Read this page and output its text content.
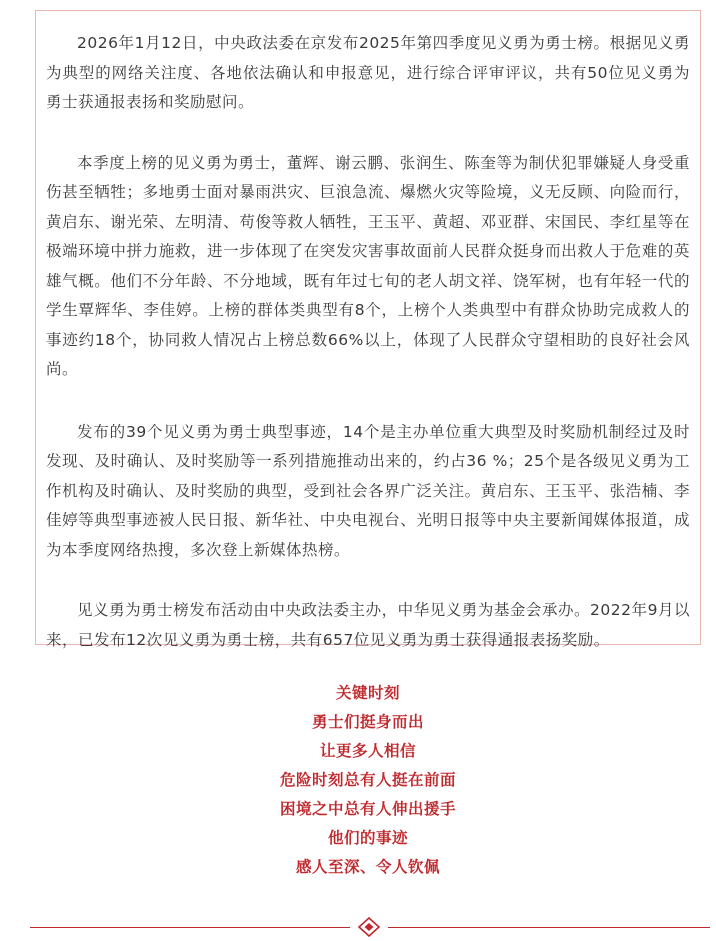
2026年1月12日，中央政法委在京发布2025年第四季度见义勇为勇士榜。根据见义勇为典型的网络关注度、各地依法确认和申报意见，进行综合评审评议，共有50位见义勇为勇士获通报表扬和奖励慰问。

本季度上榜的见义勇为勇士，董辉、谢云鹏、张润生、陈奎等为制伏犯罪嫌疑人身受重伤甚至牺牲；多地勇士面对暴雨洪灾、巨浪急流、爆燃火灾等险境，义无反顾、向险而行，黄启东、谢光荣、左明清、苟俊等救人牺牲，王玉平、黄超、邓亚群、宋国民、李红星等在极端环境中拼力施救，进一步体现了在突发灾害事故面前人民群众挺身而出救人于危难的英雄气概。他们不分年龄、不分地域，既有年过七旬的老人胡文祥、饶军树，也有年轻一代的学生覃辉华、李佳婷。上榜的群体类典型有8个，上榜个人类典型中有群众协助完成救人的事迹约18个，协同救人情况占上榜总数66%以上，体现了人民群众守望相助的良好社会风尚。

发布的39个见义勇为勇士典型事迹，14个是主办单位重大典型及时奖励机制经过及时发现、及时确认、及时奖励等一系列措施推动出来的，约占36 %；25个是各级见义勇为工作机构及时确认、及时奖励的典型，受到社会各界广泛关注。黄启东、王玉平、张浩楠、李佳婷等典型事迹被人民日报、新华社、中央电视台、光明日报等中央主要新闻媒体报道，成为本季度网络热搜，多次登上新媒体热榜。

见义勇为勇士榜发布活动由中央政法委主办，中华见义勇为基金会承办。2022年9月以来，已发布12次见义勇为勇士榜，共有657位见义勇为勇士获得通报表扬奖励。

关键时刻
勇士们挺身而出
让更多人相信
危险时刻总有人挺在前面
困境之中总有人伸出援手
他们的事迹
感人至深、令人钦佩
